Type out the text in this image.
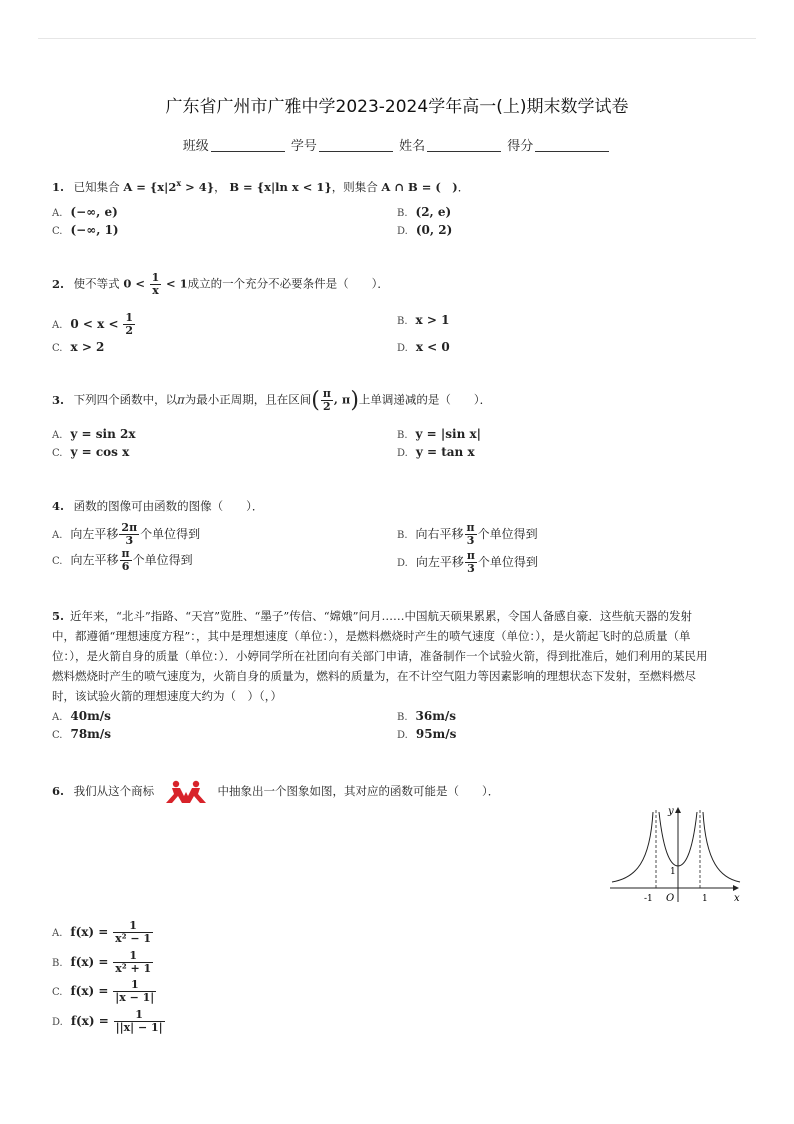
广东省广州市广雅中学2023-2024学年高一(上)期末数学试卷
班级	学号	姓名	得分
1. 已知集合 $A = \{x|2^x > 4\}$， B = {x|ln x < 1}，则集合 A ∩ B = (　)．
A. (−∞, e)	B. (2, e)
C. (−∞, 1)	D. (0, 2)
2. 使不等式 $0 < \frac{1}{x} < 1$成立的一个充分不必要条件是（　　）．
A. $0 < x < \frac{1}{2}$	B. x > 1
C. x > 2	D. x < 0
3. 下列四个函数中，以π为最小正周期，且在区间( $\frac{\pi}{2}$ , π)上单调递减的是（　　）．
A. y = sin 2x	B. y = |sin x|
C. y = cos x	D. y = tan x
4. 函数的图像可由函数的图像（　　）．
A. 向左平移 $\frac{2\pi}{3}$ 个单位得到	B. 向右平移 $\frac{\pi}{3}$ 个单位得到
C. 向左平移 $\frac{\pi}{6}$ 个单位得到	D. 向左平移 $\frac{\pi}{3}$ 个单位得到
5. 近年来，“北斗”指路、“天宫”览胜、“墨子”传信、“嫦娥”问月……中国航天硕果累累，令国人备感自豪．这些航天器的发射中，都遵循“理想速度方程”：，其中是理想速度（单位：），是燃料燃烧时产生的喷气速度（单位：），是火箭起飞时的总质量（单位：），是火箭自身的质量（单位：）．小婷同学所在社团向有关部门申请，准备制作一个试验火箭，得到批准后，她们利用的某民用燃料燃烧时产生的喷气速度为，火箭自身的质量为，燃料的质量为，在不计空气阻力等因素影响的理想状态下发射，至燃料燃尽时，该试验火箭的理想速度大约为（　）（，）
A. 40m/s	B. 36m/s
C. 78m/s	D. 95m/s
6. 我们从这个商标	中抽象出一个图象如图，其对应的函数可能是（　　）．
y
x
O
-1	1
1
A. $f(x) = \frac{1}{\text{x² − 1}}$
B. $f(x) = \frac{1}{\text{x² + 1}}$
C. $f(x) = \frac{1}{|x - 1|}$
D. $f(x) = \frac{1}{||x| - 1|}$
